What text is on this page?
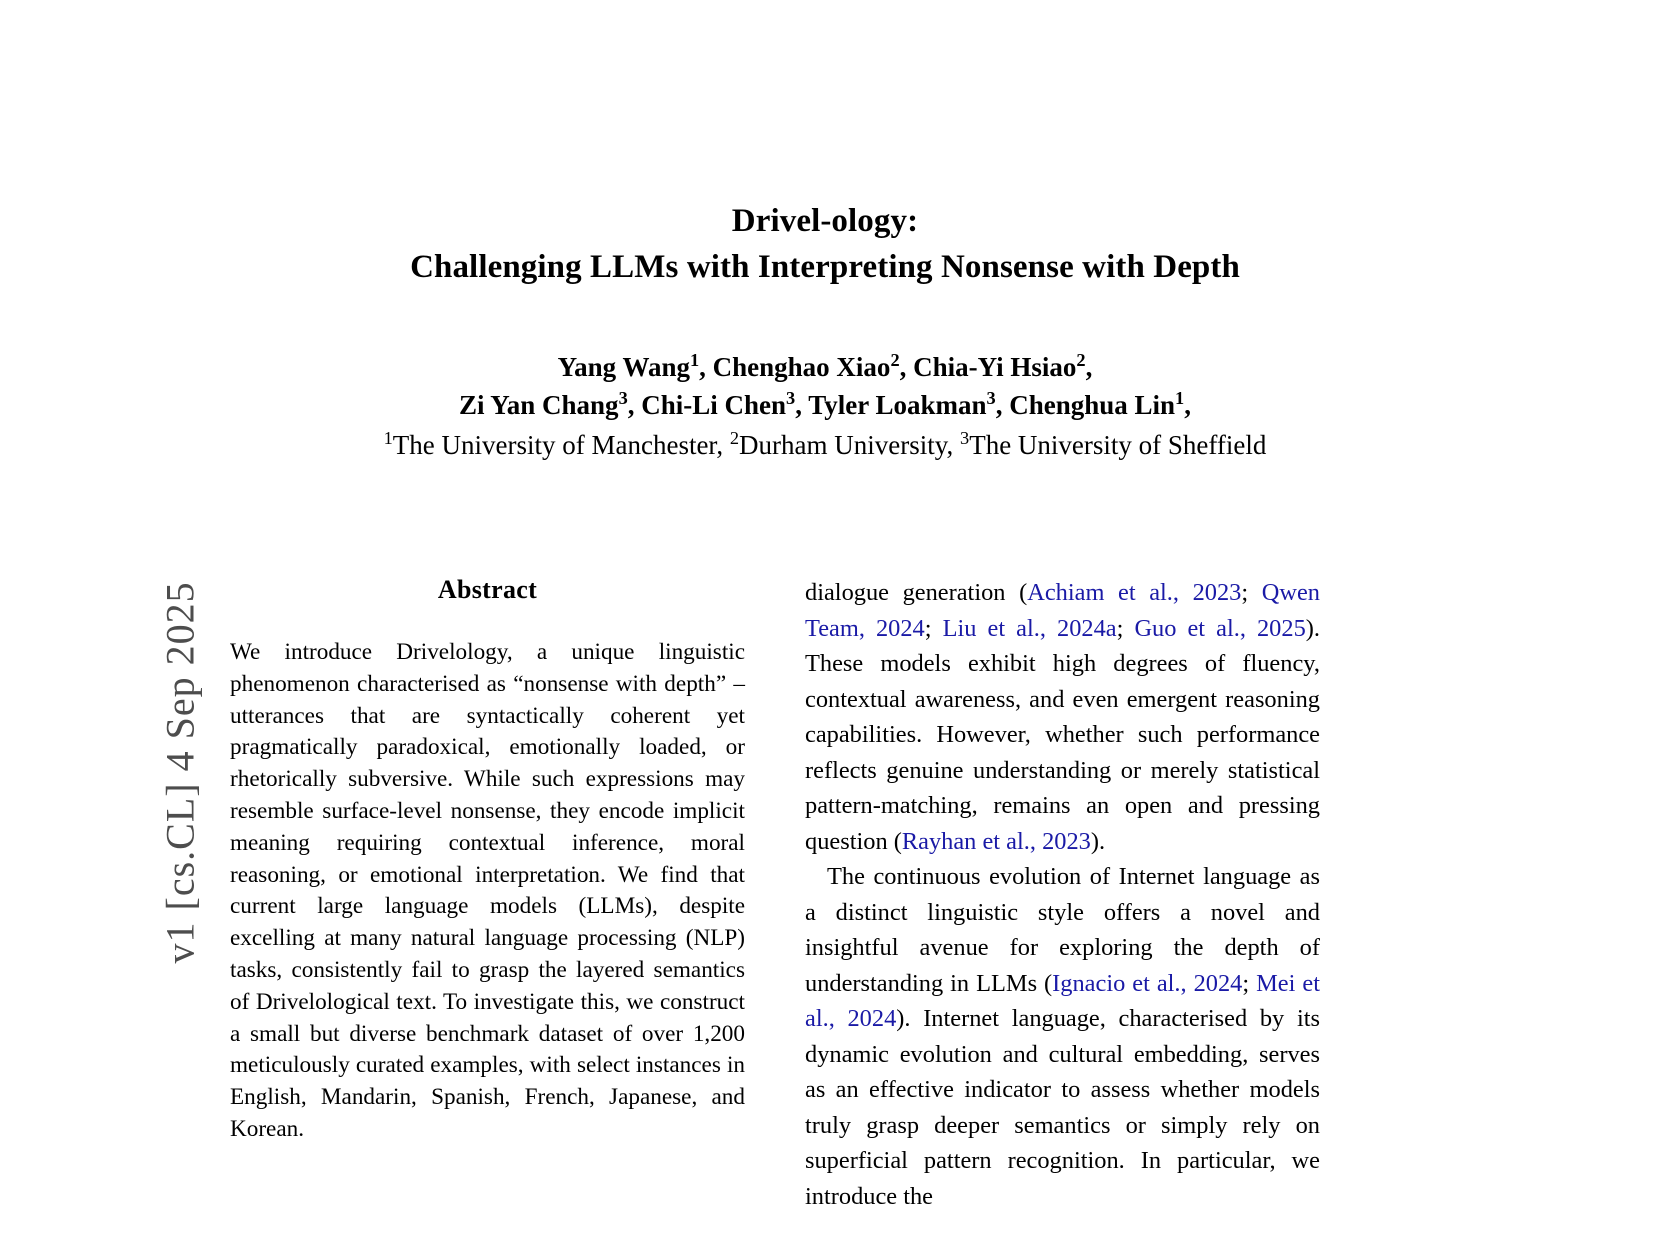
v1 [cs.CL] 4 Sep 2025
Drivel-ology:
Challenging LLMs with Interpreting Nonsense with Depth
Yang Wang$^1$, Chenghao Xiao$^2$, Chia-Yi Hsiao$^2$,
Zi Yan Chang$^3$, Chi-Li Chen$^3$, Tyler Loakman$^3$, Chenghua Lin$^1$,
$^1$The University of Manchester, $^2$Durham University, $^3$The University of Sheffield
Abstract

We introduce Drivelology, a unique linguistic phenomenon characterised as “nonsense with depth” – utterances that are syntactically coherent yet pragmatically paradoxical, emotionally loaded, or rhetorically subversive. While such expressions may resemble surface-level nonsense, they encode implicit meaning requiring contextual inference, moral reasoning, or emotional interpretation. We find that current large language models (LLMs), despite excelling at many natural language processing (NLP) tasks, consistently fail to grasp the layered semantics of Drivelological text. To investigate this, we construct a small but diverse benchmark dataset of over 1,200 meticulously curated examples, with select instances in English, Mandarin, Spanish, French, Japanese, and Korean.

dialogue generation (Achiam et al., 2023; Qwen Team, 2024; Liu et al., 2024a; Guo et al., 2025). These models exhibit high degrees of fluency, contextual awareness, and even emergent reasoning capabilities. However, whether such performance reflects genuine understanding or merely statistical pattern-matching, remains an open and pressing question (Rayhan et al., 2023).

The continuous evolution of Internet language as a distinct linguistic style offers a novel and insightful avenue for exploring the depth of understanding in LLMs (Ignacio et al., 2024; Mei et al., 2024). Internet language, characterised by its dynamic evolution and cultural embedding, serves as an effective indicator to assess whether models truly grasp deeper semantics or simply rely on superficial pattern recognition. In particular, we introduce the
